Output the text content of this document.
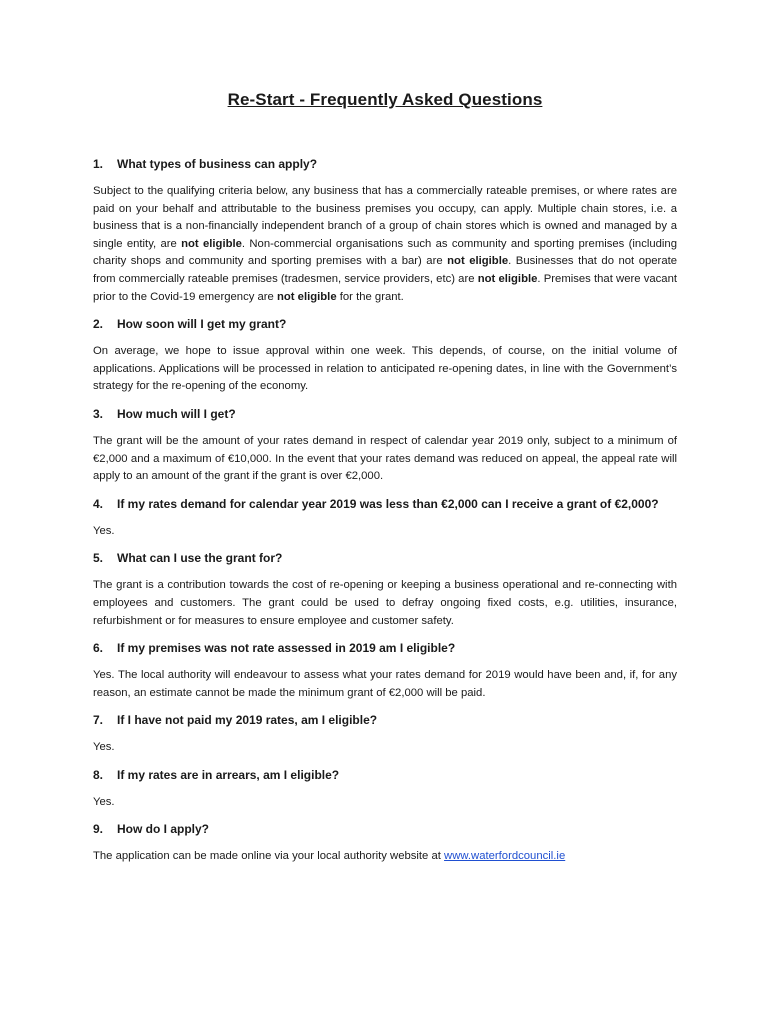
Re-Start - Frequently Asked Questions
1.	What types of business can apply?

Subject to the qualifying criteria below, any business that has a commercially rateable premises, or where rates are paid on your behalf and attributable to the business premises you occupy, can apply. Multiple chain stores, i.e. a business that is a non-financially independent branch of a group of chain stores which is owned and managed by a single entity, are not eligible. Non-commercial organisations such as community and sporting premises (including charity shops and community and sporting premises with a bar) are not eligible. Businesses that do not operate from commercially rateable premises (tradesmen, service providers, etc) are not eligible. Premises that were vacant prior to the Covid-19 emergency are not eligible for the grant.

2.	How soon will I get my grant?

On average, we hope to issue approval within one week. This depends, of course, on the initial volume of applications. Applications will be processed in relation to anticipated re-opening dates, in line with the Government’s strategy for the re-opening of the economy.

3.	How much will I get?

The grant will be the amount of your rates demand in respect of calendar year 2019 only, subject to a minimum of €2,000 and a maximum of €10,000. In the event that your rates demand was reduced on appeal, the appeal rate will apply to an amount of the grant if the grant is over €2,000.

4.	If my rates demand for calendar year 2019 was less than €2,000 can I receive a grant of €2,000?

Yes.

5.	What can I use the grant for?

The grant is a contribution towards the cost of re-opening or keeping a business operational and re-connecting with employees and customers. The grant could be used to defray ongoing fixed costs, e.g. utilities, insurance, refurbishment or for measures to ensure employee and customer safety.

6.	If my premises was not rate assessed in 2019 am I eligible?

Yes. The local authority will endeavour to assess what your rates demand for 2019 would have been and, if, for any reason, an estimate cannot be made the minimum grant of €2,000 will be paid.

7.	If I have not paid my 2019 rates, am I eligible?

Yes.

8.	If my rates are in arrears, am I eligible?

Yes.

9.	How do I apply?

The application can be made online via your local authority website at www.waterfordcouncil.ie
